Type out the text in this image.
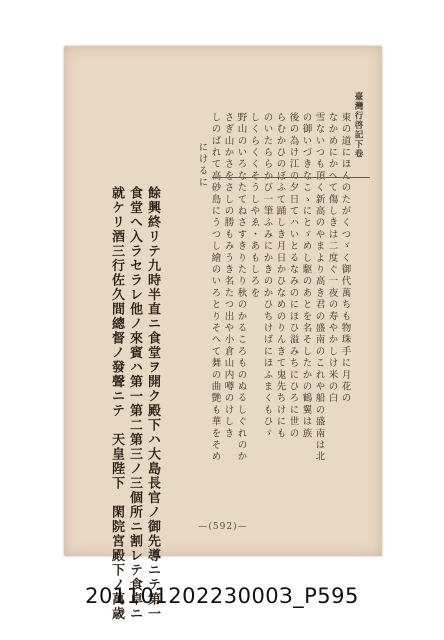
臺灣行啓記下卷
東の道にほんのたがくつゞく御代萬ちも物珠手に月花の
なかめにかへて傷しきは二度ぐ一夜の寿やかしけ米の白
雪ないつも頂く新高のやまより高き君の盛南のこれや船の盛南は北
の御いづきなこゝにとゞめし駆のあとを名そしたかの鶴翼は族
後の為け江の夕日てハいとるなみのにほひ溢みちにひろに世の
らむかひのぼふて踊しき月日かひなめのりんきて鬼先ちけにも
のいたららかび一筆ふみにかきのかひちけばにほふまくもひゞ
しくらくくそうしやゑ・あもしろを
野山のいろなたてねさすきりたり秋のかるころものぬるしぐれのか
さぎ山かさをさしの勝もみうき名たつ出や小倉山内噂のけしき
しのばれて高砂島にうつし繪のいろとりそへて舞の曲艶も華をそめ
にけるに
餘興終リテ九時半直ニ食堂ヲ開ク殿下ハ大島長官ノ御先導ニテ第一
食堂へ入ラセラレ他ノ來賓ハ第一第二第三ノ三個所ニ割レテ食卓ニ
就ケリ酒三行佐久間總督ノ發聲ニテ　天皇陛下　閑院宮殿下ノ萬歳	—(592)—
20110120223000З_P595
